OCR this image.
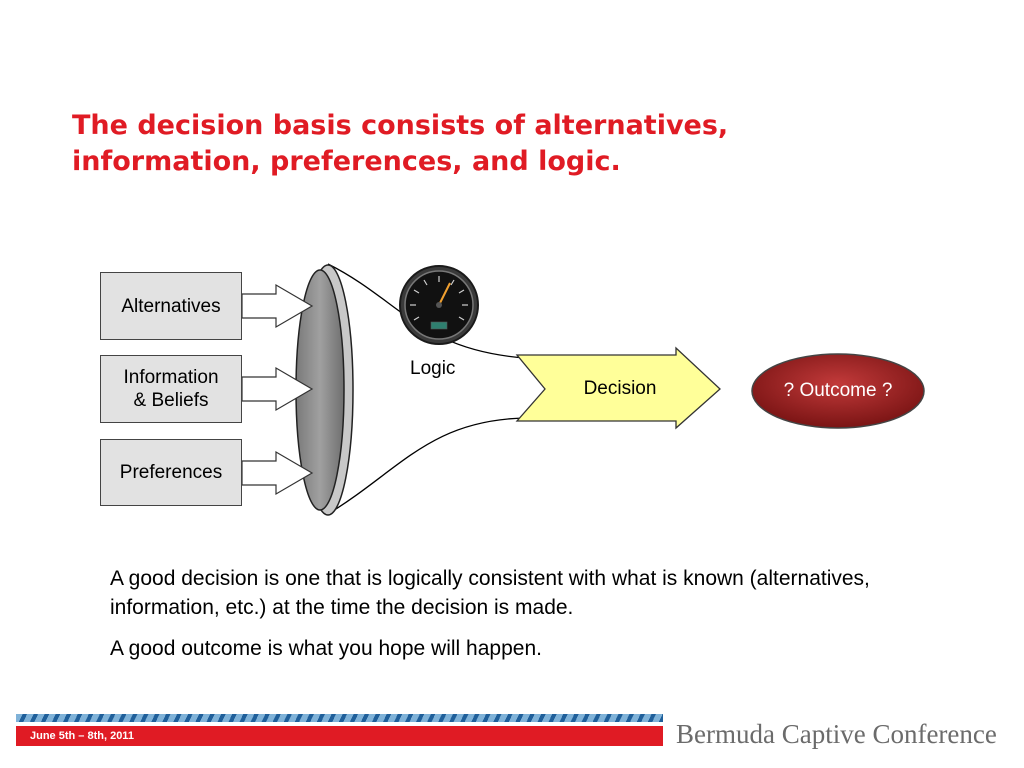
The decision basis consists of alternatives,
information, preferences, and logic.
Alternatives
Information
& Beliefs
Preferences
Logic
Decision	? Outcome ?

A good decision is one that is logically consistent with what is known (alternatives, information, etc.) at the time the decision is made.

A good outcome is what you hope will happen.

June 5th – 8th, 2011	Bermuda Captive Conference
